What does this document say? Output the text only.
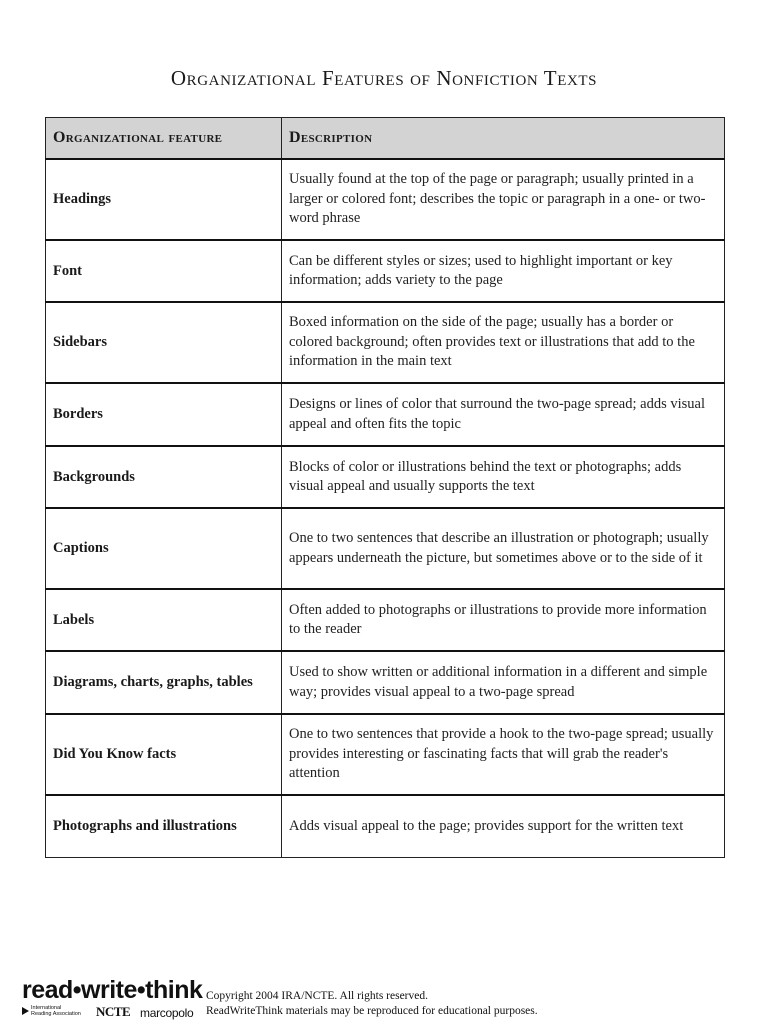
Organizational Features of Nonfiction Texts
Organizational feature	Description
Headings	Usually found at the top of the page or paragraph; usually printed in a larger or colored font; describes the topic or paragraph in a one- or two-word phrase
Font	Can be different styles or sizes; used to highlight important or key information; adds variety to the page
Sidebars	Boxed information on the side of the page; usually has a border or colored background; often provides text or illustrations that add to the information in the main text
Borders	Designs or lines of color that surround the two-page spread; adds visual appeal and often fits the topic
Backgrounds	Blocks of color or illustrations behind the text or photographs; adds visual appeal and usually supports the text
Captions	One to two sentences that describe an illustration or photograph; usually appears underneath the picture, but sometimes above or to the side of it
Labels	Often added to photographs or illustrations to provide more information to the reader
Diagrams, charts, graphs, tables	Used to show written or additional information in a different and simple way; provides visual appeal to a two-page spread
Did You Know facts	One to two sentences that provide a hook to the two-page spread; usually provides interesting or fascinating facts that will grab the reader's attention
Photographs and illustrations	Adds visual appeal to the page; provides support for the written text
read•write•think
International
Reading Association NCTE marcopolo
Copyright 2004 IRA/NCTE. All rights reserved.
ReadWriteThink materials may be reproduced for educational purposes.
